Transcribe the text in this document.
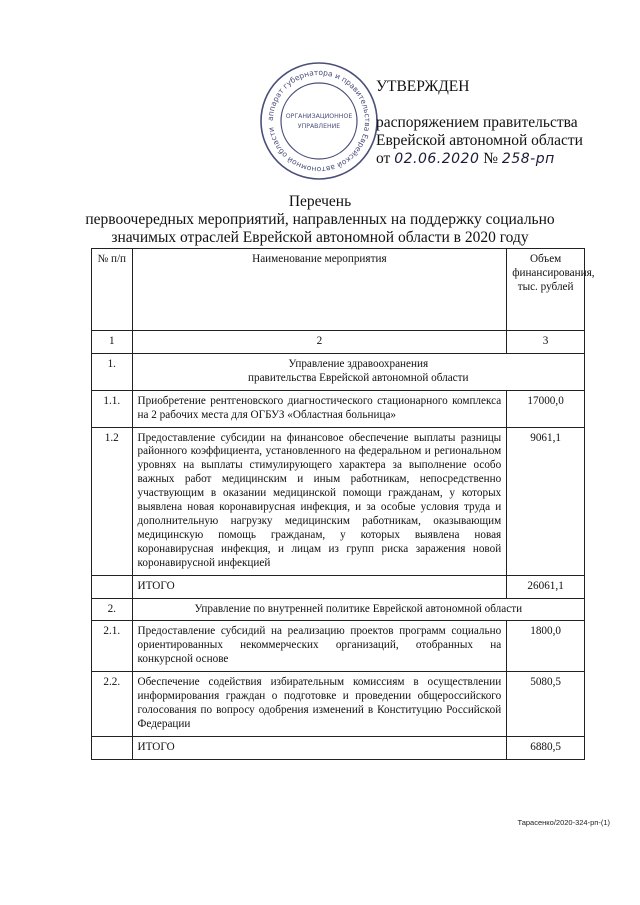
аппарат губернатора и правительства Еврейской автономной области
ОРГАНИЗАЦИОННОЕ
УПРАВЛЕНИЕ
УТВЕРЖДЕН
распоряжением правительства
Еврейской автономной области
от 02.06.2020 № 258-рп
Перечень
первоочередных мероприятий, направленных на поддержку социально
значимых отраслей Еврейской автономной области в 2020 году
№ п/п	Наименование мероприятия	Объем финансирования, тыс. рублей
1	2	3
1.	Управление здравоохранения
правительства Еврейской автономной области	

1.1.	Приобретение рентгеновского диагностического стационарного комплекса на 2 рабочих места для ОГБУЗ «Областная больница»	17000,0
1.2	Предоставление субсидии на финансовое обеспечение выплаты разницы районного коэффициента, установленного на федеральном и региональном уровнях на выплаты стимулирующего характера за выполнение особо важных работ медицинским и иным работникам, непосредственно участвующим в оказании медицинской помощи гражданам, у которых выявлена новая коронавирусная инфекция, и за особые условия труда и дополнительную нагрузку медицинским работникам, оказывающим медицинскую помощь гражданам, у которых выявлена новая коронавирусная инфекция, и лицам из групп риска заражения новой коронавирусной инфекцией	9061,1
	ИТОГО	26061,1
2.	Управление по внутренней политике Еврейской автономной области	
2.1.	Предоставление субсидий на реализацию проектов программ социально ориентированных некоммерческих организаций, отобранных на конкурсной основе	1800,0
2.2.	Обеспечение содействия избирательным комиссиям в осуществлении информирования граждан о подготовке и проведении общероссийского голосования по вопросу одобрения изменений в Конституцию Российской Федерации	5080,5
	ИТОГО	6880,5
Тарасенко/2020-324-рп-(1)
